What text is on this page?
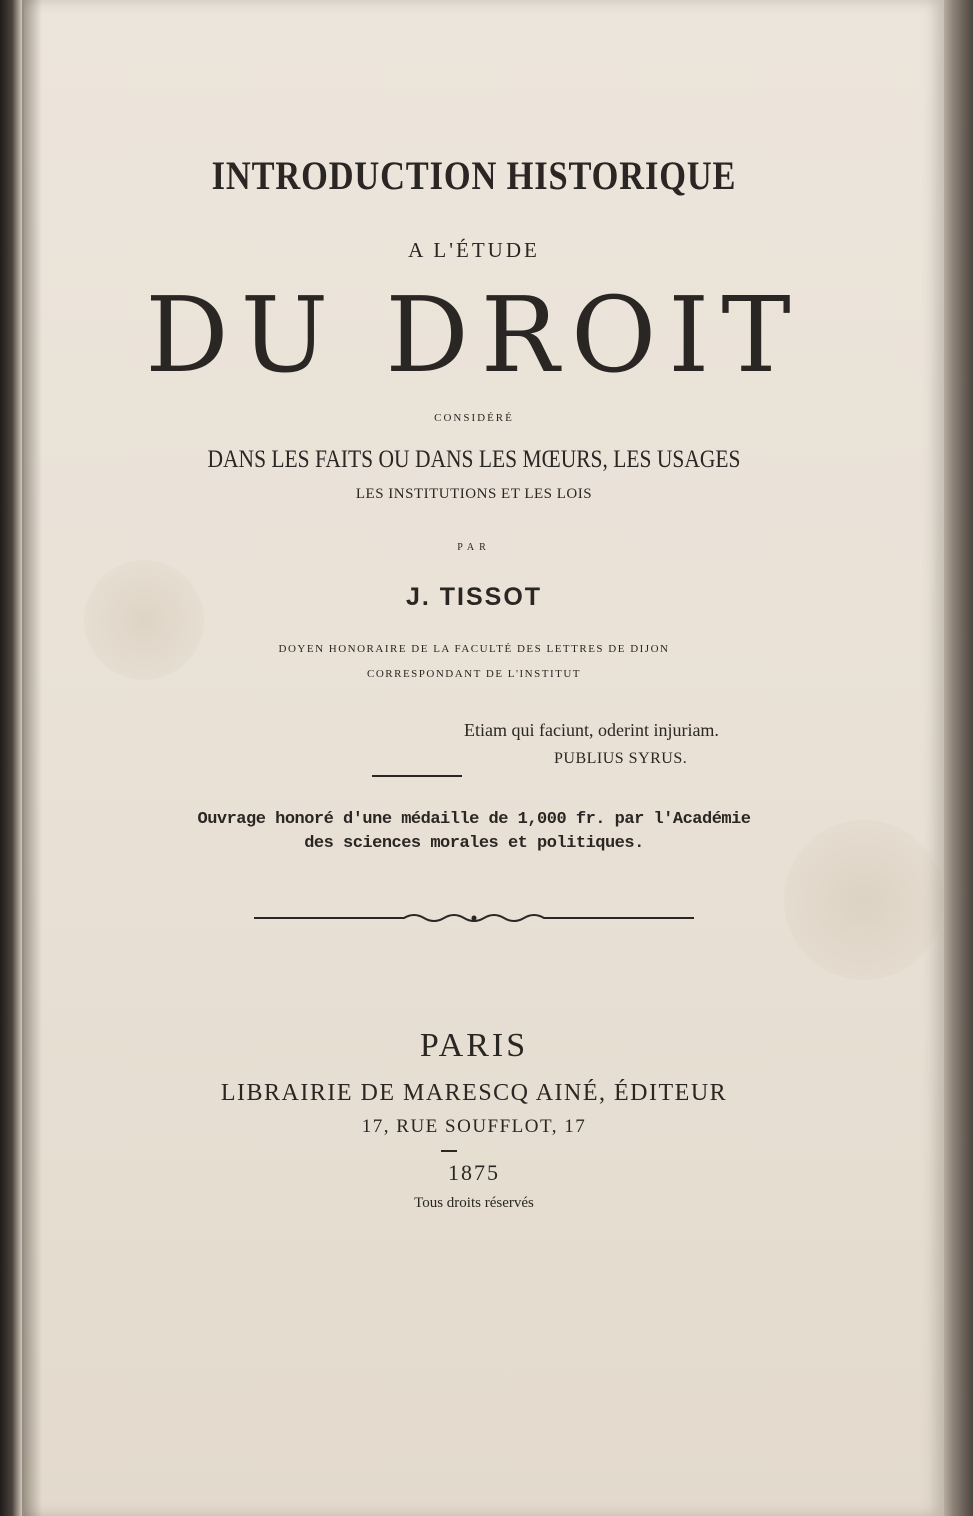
INTRODUCTION HISTORIQUE
A L'ÉTUDE
DU DROIT
CONSIDÉRÉ
DANS LES FAITS OU DANS LES MŒURS, LES USAGES
LES INSTITUTIONS ET LES LOIS
PAR
J. TISSOT
DOYEN HONORAIRE DE LA FACULTÉ DES LETTRES DE DIJON
CORRESPONDANT DE L'INSTITUT
Etiam qui faciunt, oderint injuriam.
PUBLIUS SYRUS.
Ouvrage honoré d'une médaille de 1,000 fr. par l'Académie
des sciences morales et politiques.
PARIS
LIBRAIRIE DE MARESCQ AINÉ, ÉDITEUR
17, RUE SOUFFLOT, 17
1875
Tous droits réservés
